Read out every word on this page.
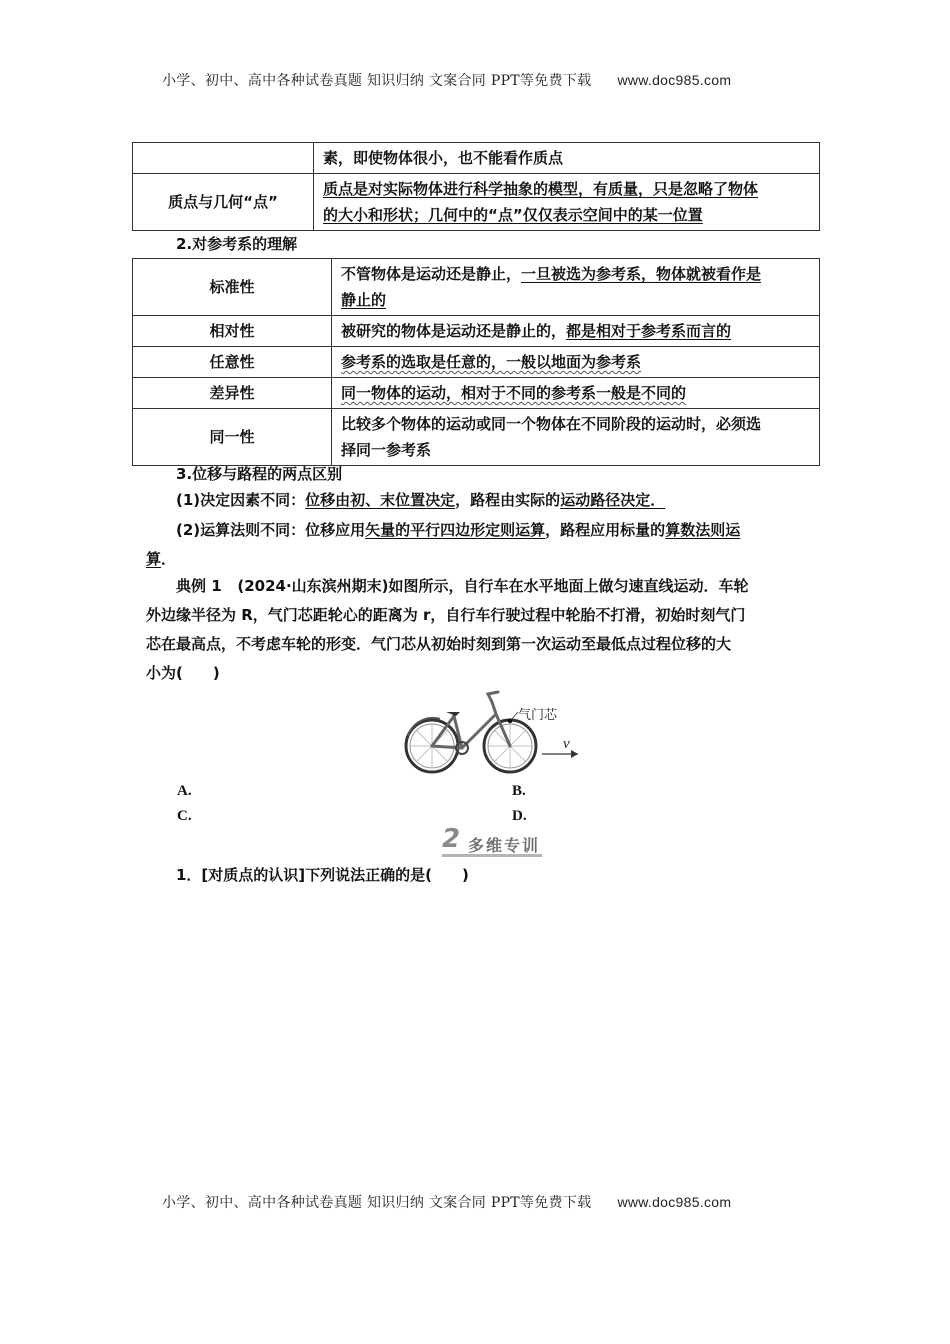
小学、初中、高中各种试卷真题 知识归纳 文案合同 PPT等免费下载 www.doc985.com
	素，即使物体很小，也不能看作质点
质点与几何“点”	质点是对实际物体进行科学抽象的模型，有质量，只是忽略了物体
的大小和形状；几何中的“点”仅仅表示空间中的某一位置
2.对参考系的理解
标准性	不管物体是运动还是静止，一旦被选为参考系，物体就被看作是
静止的
相对性	被研究的物体是运动还是静止的，都是相对于参考系而言的
任意性	参考系的选取是任意的，一般以地面为参考系
差异性	同一物体的运动，相对于不同的参考系一般是不同的
同一性	比较多个物体的运动或同一个物体在不同阶段的运动时，必须选
择同一参考系
3.位移与路程的两点区别
(1)决定因素不同：位移由初、末位置决定，路程由实际的运动路径决定．
(2)运算法则不同：位移应用矢量的平行四边形定则运算，路程应用标量的算数法则运
算．
典例 1 (2024·山东滨州期末)如图所示，自行车在水平地面上做匀速直线运动．车轮
外边缘半径为 R，气门芯距轮心的距离为 r，自行车行驶过程中轮胎不打滑，初始时刻气门
芯在最高点，不考虑车轮的形变．气门芯从初始时刻到第一次运动至最低点过程位移的大
小为(　　)
气门芯
v
A.	B.
C.	D.
2 多维专训
1．[对质点的认识]下列说法正确的是(　　)
小学、初中、高中各种试卷真题 知识归纳 文案合同 PPT等免费下载 www.doc985.com
